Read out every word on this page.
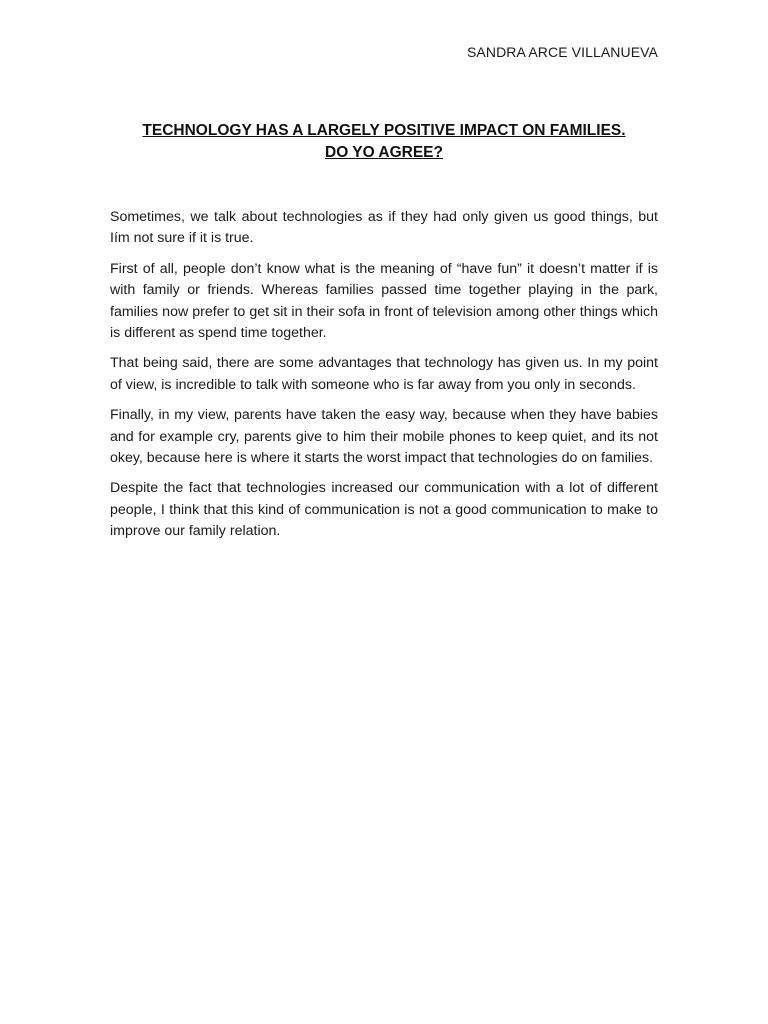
SANDRA ARCE VILLANUEVA
TECHNOLOGY HAS A LARGELY POSITIVE IMPACT ON FAMILIES.
DO YO AGREE?

Sometimes, we talk about technologies as if they had only given us good things, but Iím not sure if it is true.

First of all, people don’t know what is the meaning of “have fun” it doesn’t matter if is with family or friends. Whereas families passed time together playing in the park, families now prefer to get sit in their sofa in front of television among other things which is different as spend time together.

That being said, there are some advantages that technology has given us. In my point of view, is incredible to talk with someone who is far away from you only in seconds.

Finally, in my view, parents have taken the easy way, because when they have babies and for example cry, parents give to him their mobile phones to keep quiet, and its not okey, because here is where it starts the worst impact that technologies do on families.

Despite the fact that technologies increased our communication with a lot of different people, I think that this kind of communication is not a good communication to make to improve our family relation.
